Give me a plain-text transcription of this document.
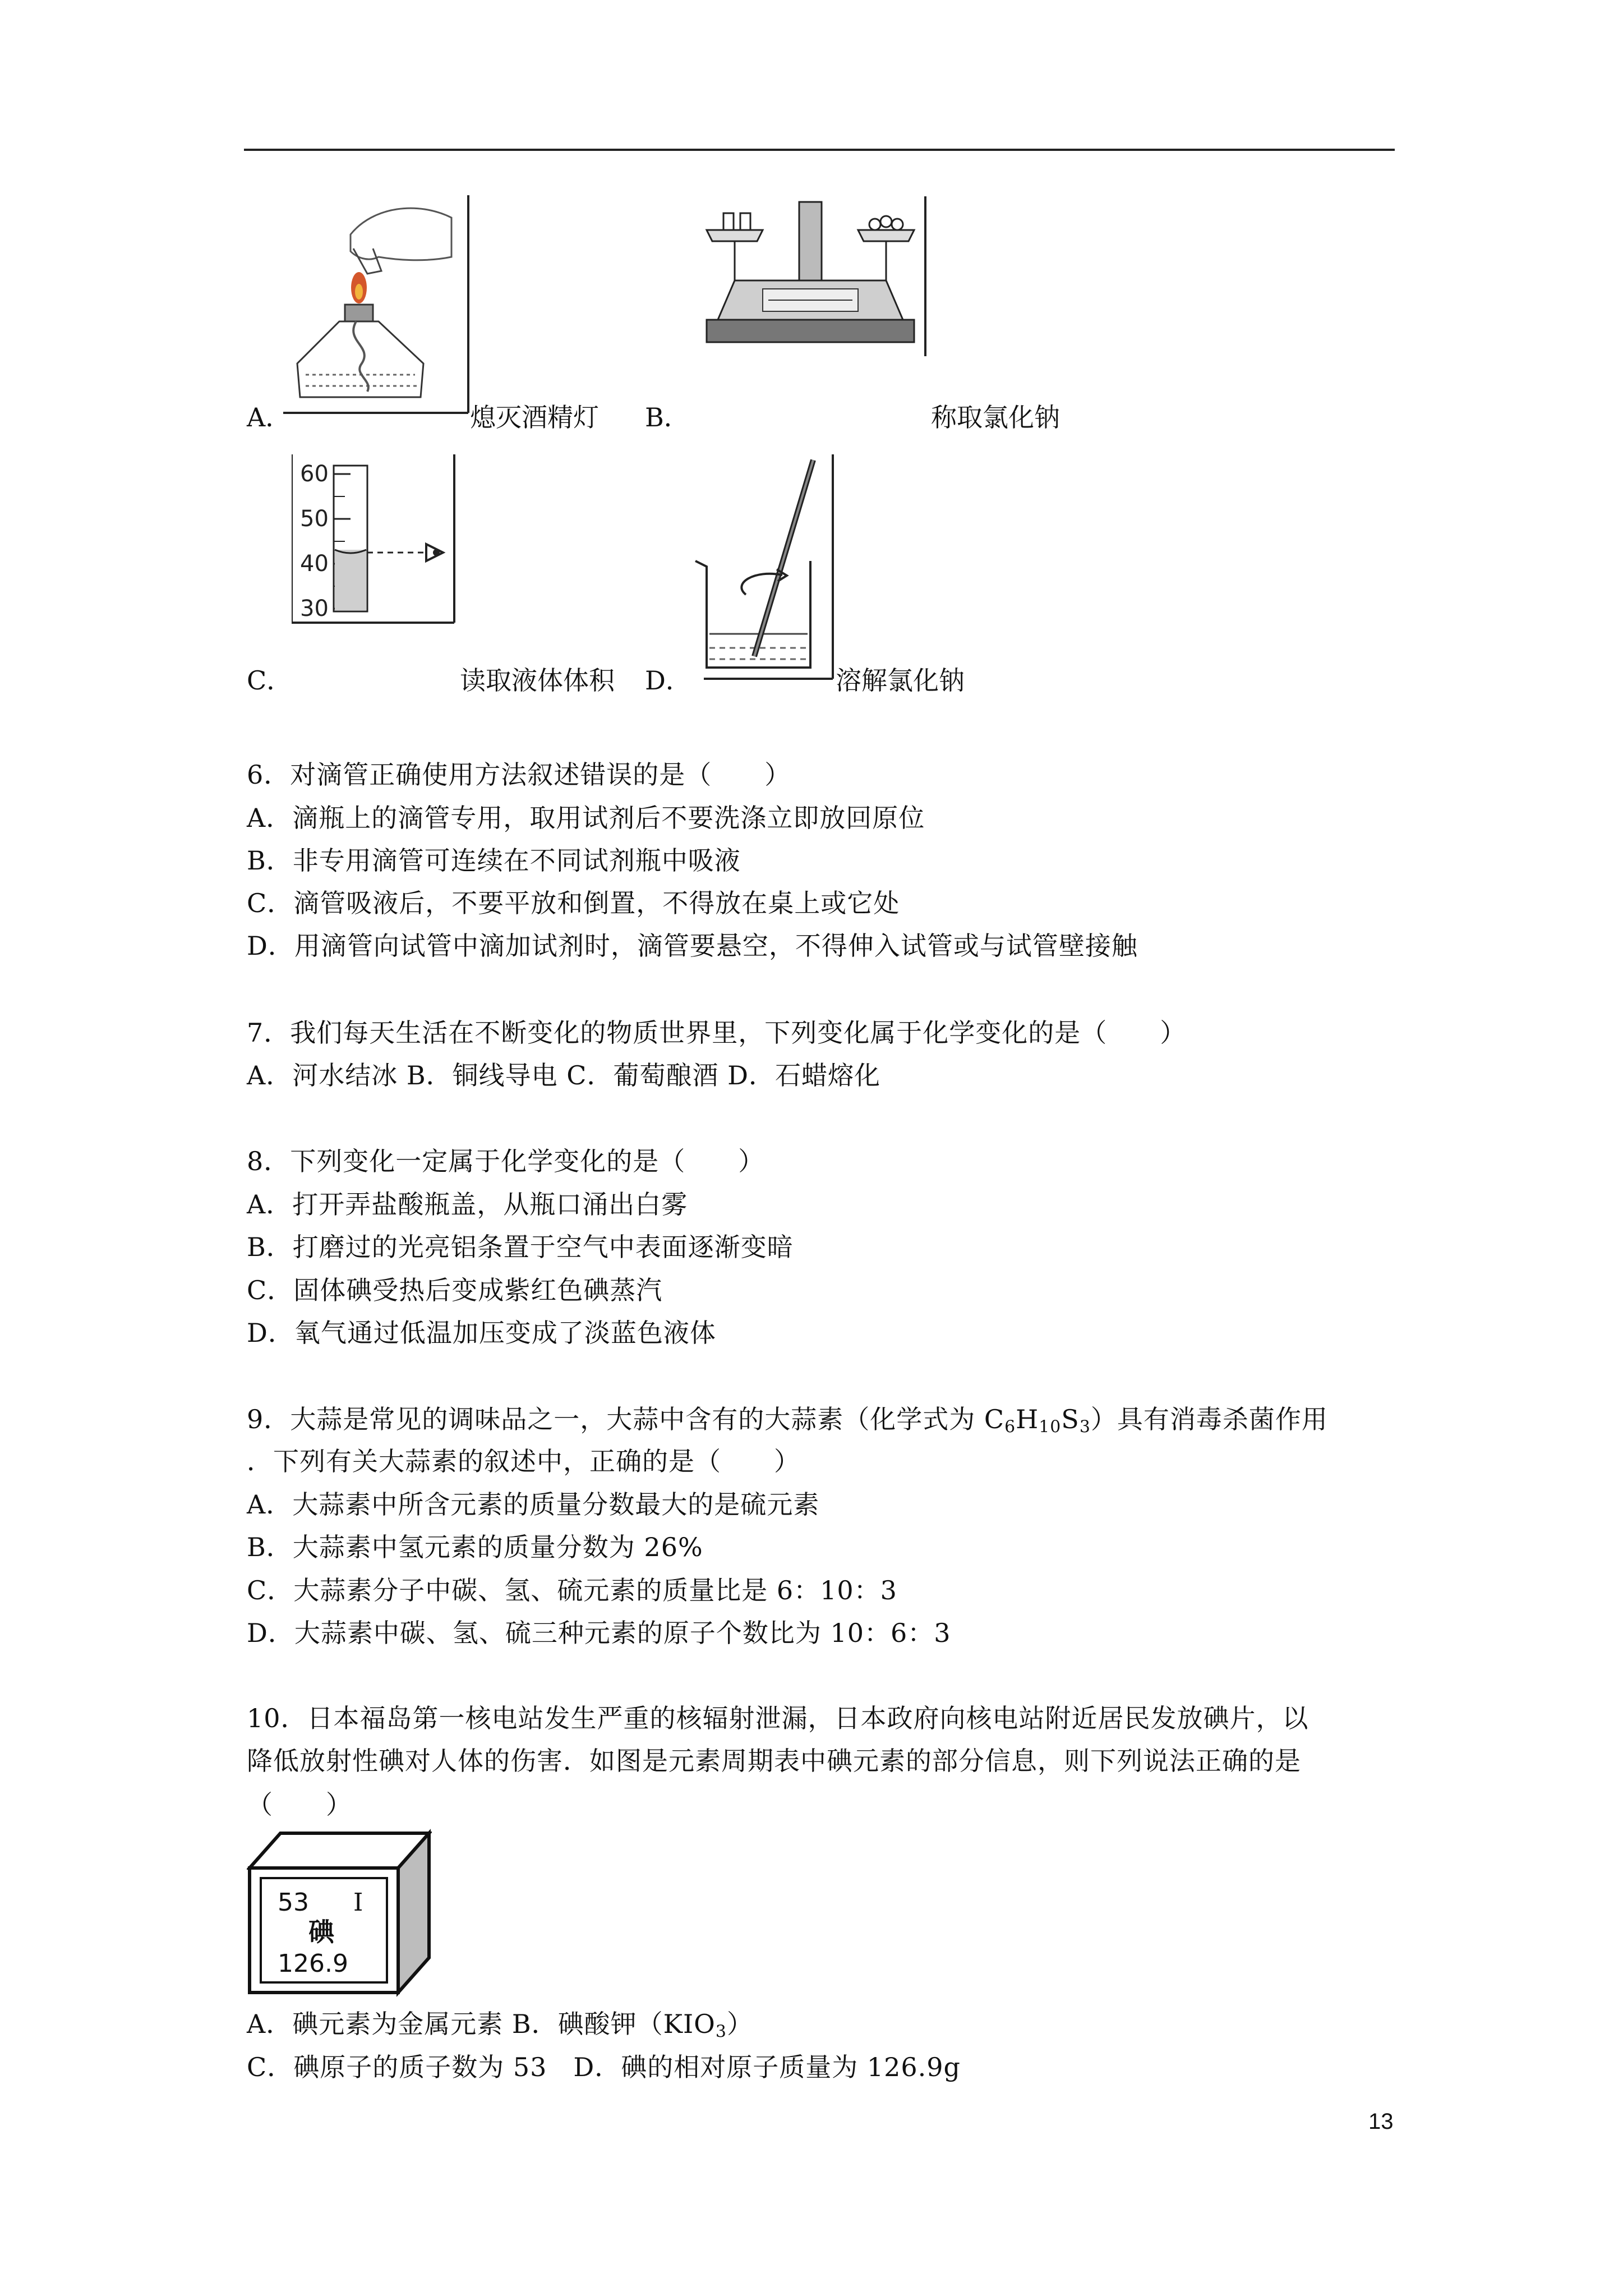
A．	熄灭酒精灯 B．	称取氯化钠
60
50
40
30
C．	读取液体体积 D．	溶解氯化钠
6．对滴管正确使用方法叙述错误的是（　　）
A．滴瓶上的滴管专用，取用试剂后不要洗涤立即放回原位
B．非专用滴管可连续在不同试剂瓶中吸液
C．滴管吸液后，不要平放和倒置，不得放在桌上或它处
D．用滴管向试管中滴加试剂时，滴管要悬空，不得伸入试管或与试管壁接触
7．我们每天生活在不断变化的物质世界里，下列变化属于化学变化的是（　　）
A．河水结冰 B．铜线导电 C．葡萄酿酒 D．石蜡熔化
8．下列变化一定属于化学变化的是（　　）
A．打开弄盐酸瓶盖，从瓶口涌出白雾
B．打磨过的光亮铝条置于空气中表面逐渐变暗
C．固体碘受热后变成紫红色碘蒸汽
D．氧气通过低温加压变成了淡蓝色液体
9．大蒜是常见的调味品之一，大蒜中含有的大蒜素（化学式为 $C_6H_{10}S_3$）具有消毒杀菌作用
．下列有关大蒜素的叙述中，正确的是（　　）
A．大蒜素中所含元素的质量分数最大的是硫元素
B．大蒜素中氢元素的质量分数为 26%
C．大蒜素分子中碳、氢、硫元素的质量比是 6：10：3
D．大蒜素中碳、氢、硫三种元素的原子个数比为 10：6：3
10．日本福岛第一核电站发生严重的核辐射泄漏，日本政府向核电站附近居民发放碘片，以
降低放射性碘对人体的伤害．如图是元素周期表中碘元素的部分信息，则下列说法正确的是
（　　）
53 I
碘
126.9
A．碘元素为金属元素 B．碘酸钾$(KIO_3)$
C．碘原子的质子数为 53　D．碘的相对原子质量为 126.9g
13
